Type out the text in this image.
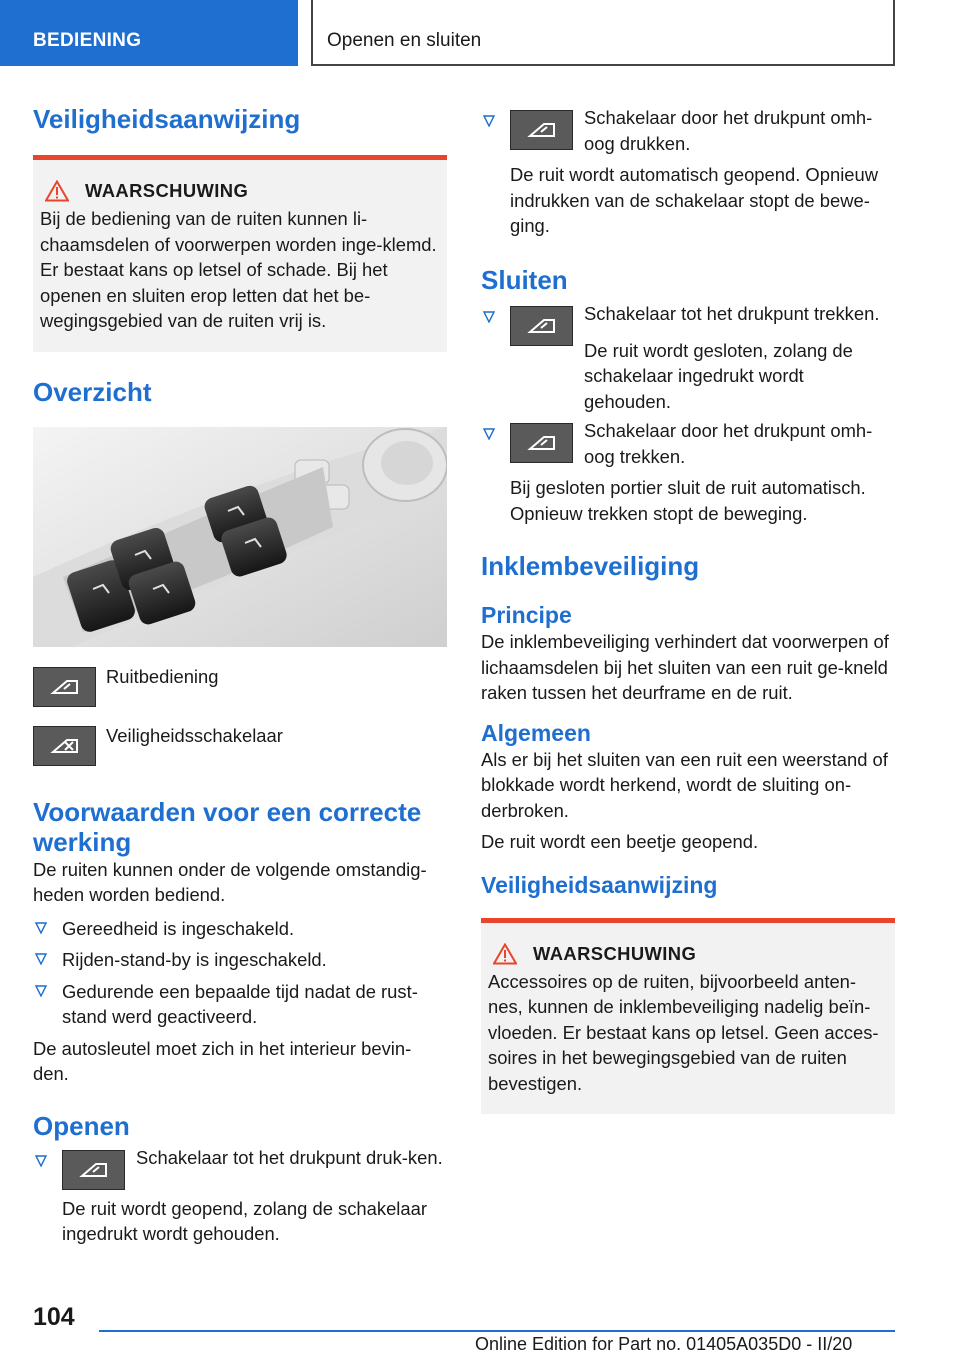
BEDIENING	Openen en sluiten
Veiligheidsaanwijzing
WAARSCHUWING

Bij de bediening van de ruiten kunnen li-chaamsdelen of voorwerpen worden inge-klemd. Er bestaat kans op letsel of schade. Bij het openen en sluiten erop letten dat het be-wegingsgebied van de ruiten vrij is.

Overzicht

Ruitbediening

Veiligheidsschakelaar

Voorwaarden voor een correcte werking

De ruiten kunnen onder de volgende omstandig-heden worden bediend.

Gereedheid is ingeschakeld.

Rijden-stand-by is ingeschakeld.

Gedurende een bepaalde tijd nadat de rust-stand werd geactiveerd.

De autosleutel moet zich in het interieur bevin-den.

Openen

Schakelaar tot het drukpunt druk-ken.

De ruit wordt geopend, zolang de schakelaar ingedrukt wordt gehouden.

Schakelaar door het drukpunt omh-oog drukken.

De ruit wordt automatisch geopend. Opnieuw indrukken van de schakelaar stopt de bewe-ging.

Sluiten

Schakelaar tot het drukpunt trekken.

De ruit wordt gesloten, zolang de schakelaar ingedrukt wordt gehouden.

Schakelaar door het drukpunt omh-oog trekken.

Bij gesloten portier sluit de ruit automatisch. Opnieuw trekken stopt de beweging.

Inklembeveiliging
Principe

De inklembeveiliging verhindert dat voorwerpen of lichaamsdelen bij het sluiten van een ruit ge-kneld raken tussen het deurframe en de ruit.

Algemeen

Als er bij het sluiten van een ruit een weerstand of blokkade wordt herkend, wordt de sluiting on-derbroken.

De ruit wordt een beetje geopend.

Veiligheidsaanwijzing
WAARSCHUWING

Accessoires op de ruiten, bijvoorbeeld anten-nes, kunnen de inklembeveiliging nadelig beïn-vloeden. Er bestaat kans op letsel. Geen acces-soires in het bewegingsgebied van de ruiten bevestigen.

104
Online Edition for Part no. 01405A035D0 - II/20
